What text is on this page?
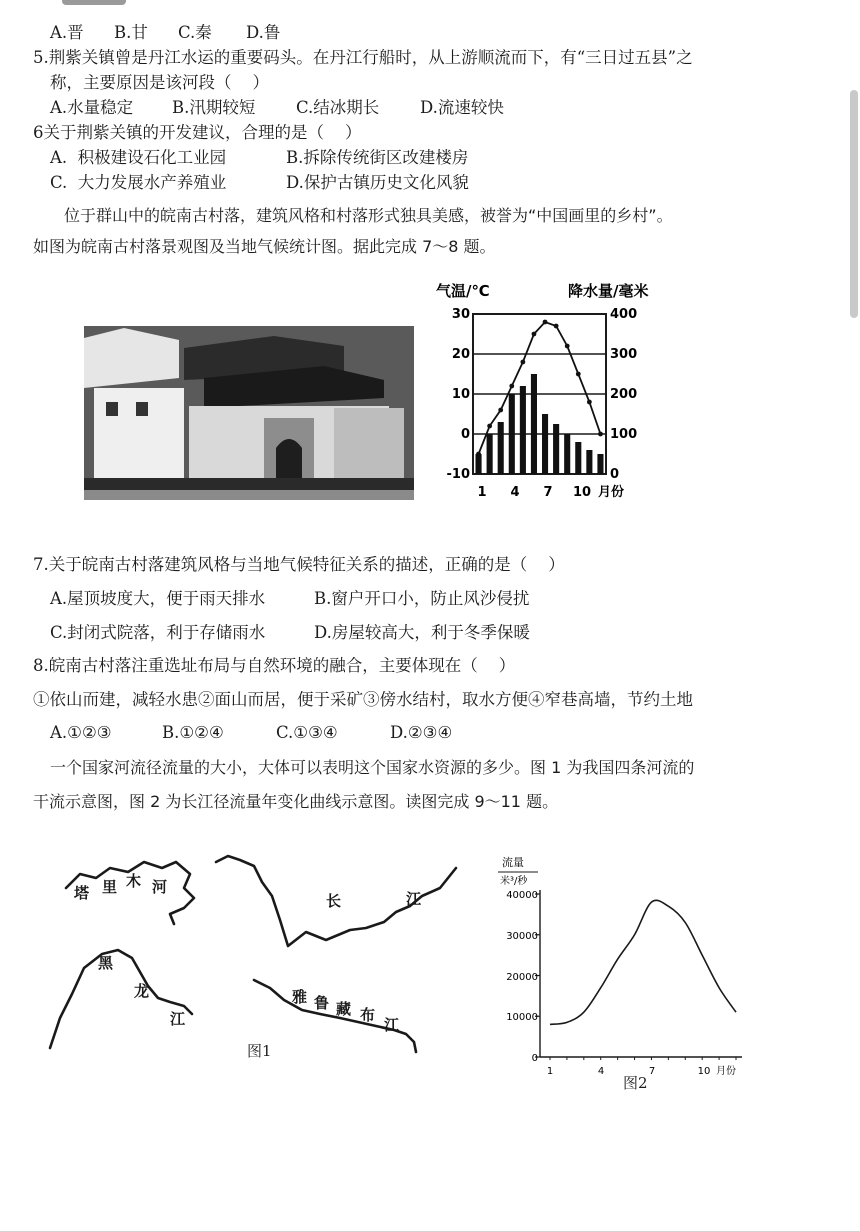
A.晋 B.甘 C.秦 D.鲁
5.荆紫关镇曾是丹江水运的重要码头。在丹江行船时，从上游顺流而下，有“三日过五县”之
称，主要原因是该河段（    ）
A.水量稳定 B.汛期较短 C.结冰期长 D.流速较快
6关于荆紫关镇的开发建议，合理的是（    ）
A.  积极建设石化工业园	B.拆除传统街区改建楼房
C.  大力发展水产养殖业	D.保护古镇历史文化风貌
位于群山中的皖南古村落，建筑风格和村落形式独具美感，被誉为“中国画里的乡村”。
如图为皖南古村落景观图及当地气候统计图。据此完成 7～8 题。
气温/℃	降水量/毫米
30
20
10
0
-10
400
300
200
100
0
1 4 7 10 月份
7.关于皖南古村落建筑风格与当地气候特征关系的描述，正确的是（    ）
A.屋顶坡度大，便于雨天排水	B.窗户开口小，防止风沙侵扰
C.封闭式院落，利于存储雨水	D.房屋较高大，利于冬季保暖
8.皖南古村落注重选址布局与自然环境的融合，主要体现在（    ）
①依山而建，减轻水患②面山而居，便于采矿③傍水结村，取水方便④窄巷高墙，节约土地
A.①②③	B.①②④	C.①③④	D.②③④
一个国家河流径流量的大小，大体可以表明这个国家水资源的多少。图 1 为我国四条河流的
干流示意图，图 2 为长江径流量年变化曲线示意图。读图完成 9～11 题。
塔 里 木 河
长	江
黑
龙
江
雅 鲁 藏 布
江
图1
流量
米³/秒
40000
30000
20000
10000
0
1	4	7	10 月份
图2
